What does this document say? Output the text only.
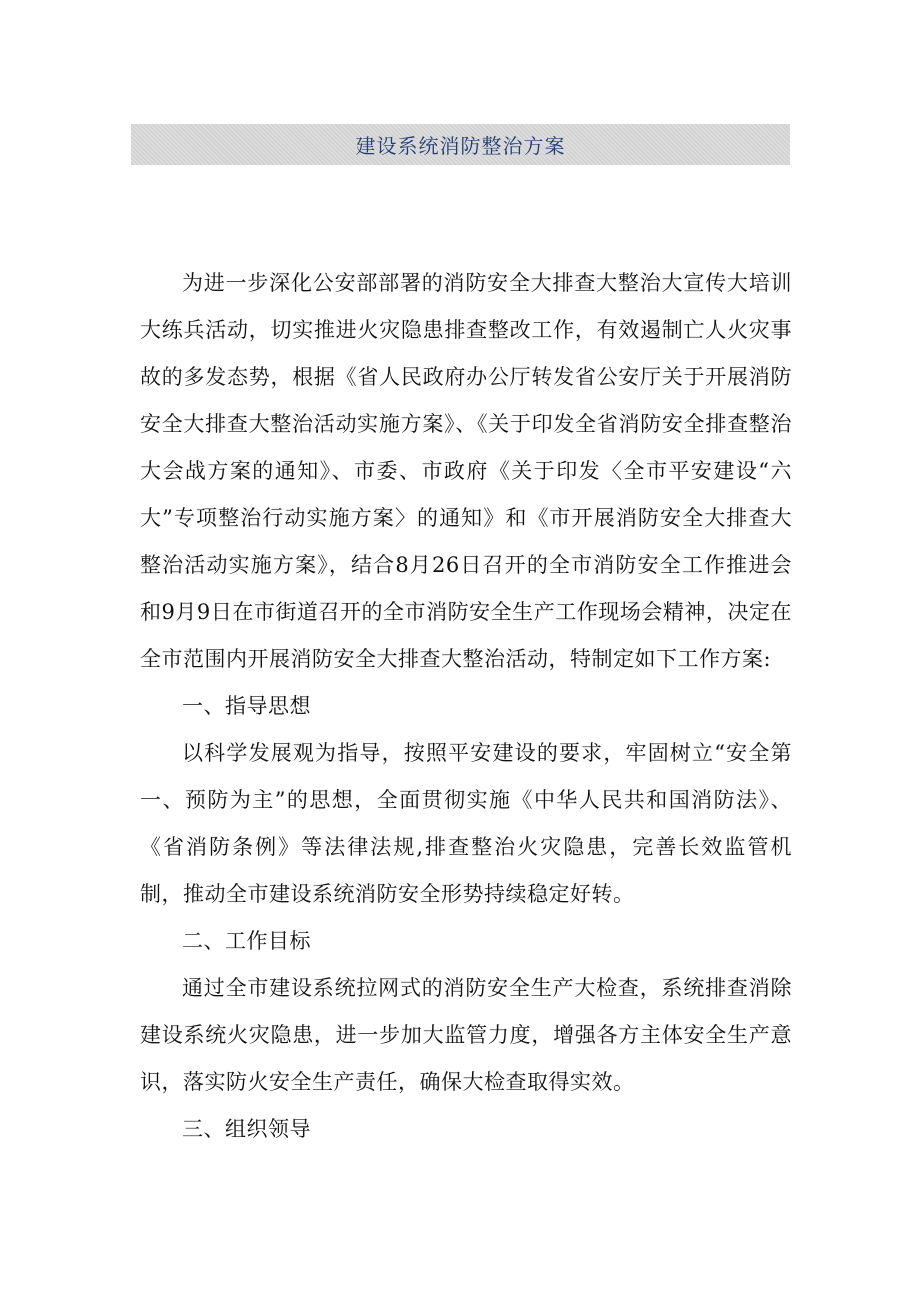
建设系统消防整治方案

为进一步深化公安部部署的消防安全大排查大整治大宣传大培训大练兵活动，切实推进火灾隐患排查整改工作，有效遏制亡人火灾事故的多发态势，根据《省人民政府办公厅转发省公安厅关于开展消防安全大排查大整治活动实施方案》、《关于印发全省消防安全排查整治大会战方案的通知》、市委、市政府《关于印发〈全市平安建设“六大”专项整治行动实施方案〉的通知》和《市开展消防安全大排查大整治活动实施方案》，结合8月26日召开的全市消防安全工作推进会和9月9日在市街道召开的全市消防安全生产工作现场会精神，决定在全市范围内开展消防安全大排查大整治活动，特制定如下工作方案:

一、指导思想

以科学发展观为指导，按照平安建设的要求，牢固树立“安全第一、预防为主”的思想，全面贯彻实施《中华人民共和国消防法》、《省消防条例》等法律法规,排查整治火灾隐患，完善长效监管机制，推动全市建设系统消防安全形势持续稳定好转。

二、工作目标

通过全市建设系统拉网式的消防安全生产大检查，系统排查消除建设系统火灾隐患，进一步加大监管力度，增强各方主体安全生产意识，落实防火安全生产责任，确保大检查取得实效。

三、组织领导
